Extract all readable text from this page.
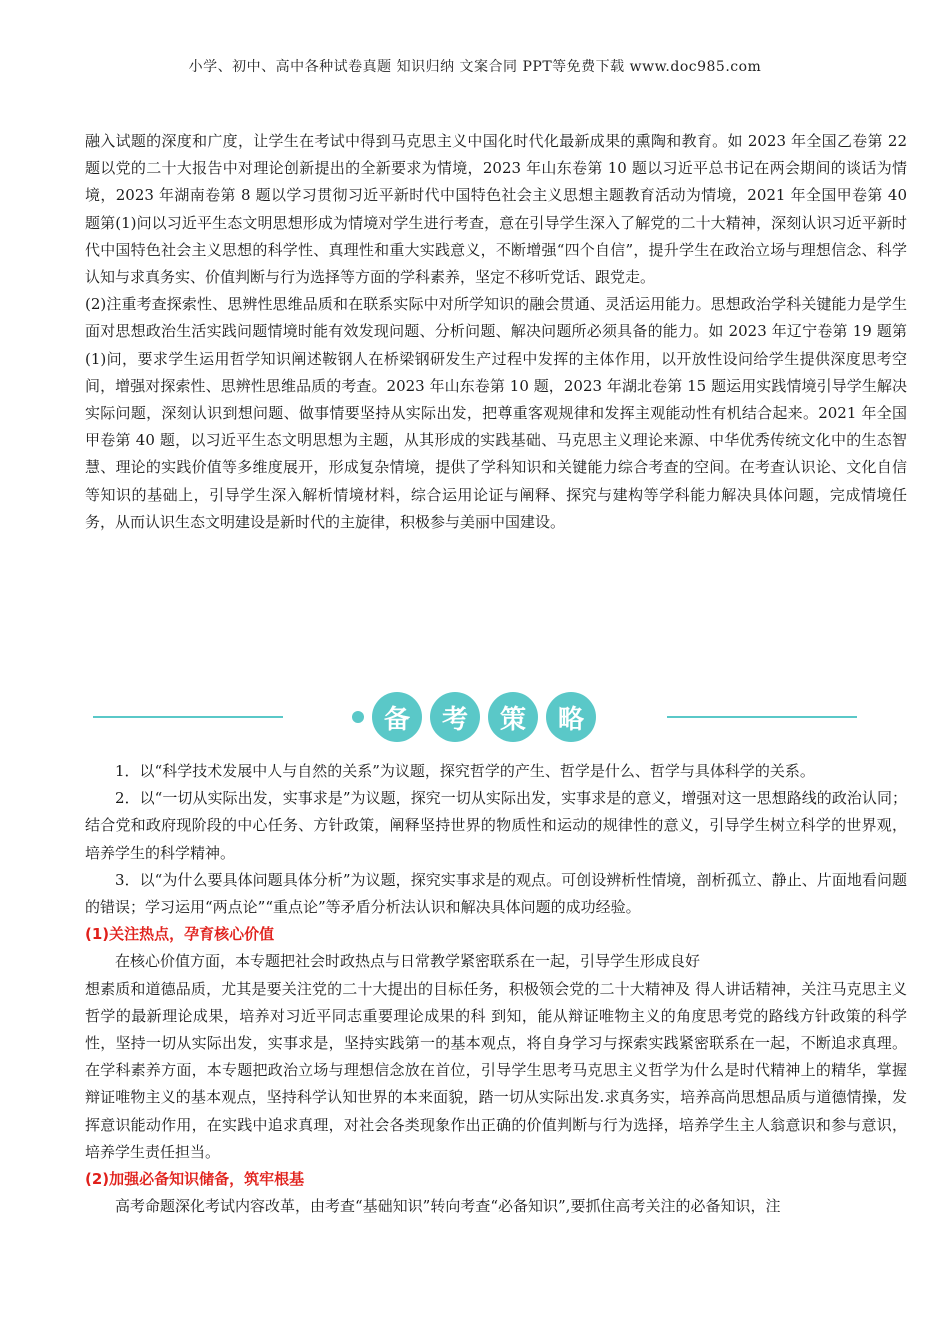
小学、初中、高中各种试卷真题 知识归纳 文案合同 PPT等免费下载 www.doc985.com

融入试题的深度和广度，让学生在考试中得到马克思主义中国化时代化最新成果的熏陶和教育。如 2023 年全国乙卷第 22 题以党的二十大报告中对理论创新提出的全新要求为情境，2023 年山东卷第 10 题以习近平总书记在两会期间的谈话为情境，2023 年湖南卷第 8 题以学习贯彻习近平新时代中国特色社会主义思想主题教育活动为情境，2021 年全国甲卷第 40 题第(1)问以习近平生态文明思想形成为情境对学生进行考查，意在引导学生深入了解党的二十大精神，深刻认识习近平新时代中国特色社会主义思想的科学性、真理性和重大实践意义，不断增强“四个自信”，提升学生在政治立场与理想信念、科学认知与求真务实、价值判断与行为选择等方面的学科素养，坚定不移听党话、跟党走。

(2)注重考查探索性、思辨性思维品质和在联系实际中对所学知识的融会贯通、灵活运用能力。思想政治学科关键能力是学生面对思想政治生活实践问题情境时能有效发现问题、分析问题、解决问题所必须具备的能力。如 2023 年辽宁卷第 19 题第(1)问，要求学生运用哲学知识阐述鞍钢人在桥梁钢研发生产过程中发挥的主体作用，以开放性设问给学生提供深度思考空间，增强对探索性、思辨性思维品质的考查。2023 年山东卷第 10 题，2023 年湖北卷第 15 题运用实践情境引导学生解决实际问题，深刻认识到想问题、做事情要坚持从实际出发，把尊重客观规律和发挥主观能动性有机结合起来。2021 年全国甲卷第 40 题，以习近平生态文明思想为主题，从其形成的实践基础、马克思主义理论来源、中华优秀传统文化中的生态智慧、理论的实践价值等多维度展开，形成复杂情境，提供了学科知识和关键能力综合考查的空间。在考查认识论、文化自信等知识的基础上，引导学生深入解析情境材料，综合运用论证与阐释、探究与建构等学科能力解决具体问题，完成情境任务，从而认识生态文明建设是新时代的主旋律，积极参与美丽中国建设。

备	考	策	略

1．以“科学技术发展中人与自然的关系”为议题，探究哲学的产生、哲学是什么、哲学与具体科学的关系。

2．以“一切从实际出发，实事求是”为议题，探究一切从实际出发，实事求是的意义，增强对这一思想路线的政治认同；结合党和政府现阶段的中心任务、方针政策，阐释坚持世界的物质性和运动的规律性的意义，引导学生树立科学的世界观，培养学生的科学精神。

3．以“为什么要具体问题具体分析”为议题，探究实事求是的观点。可创设辨析性情境，剖析孤立、静止、片面地看问题的错误；学习运用“两点论”“重点论”等矛盾分析法认识和解决具体问题的成功经验。

(1)关注热点，孕育核心价值

在核心价值方面，本专题把社会时政热点与日常教学紧密联系在一起，引导学生形成良好

想素质和道德品质，尤其是要关注党的二十大提出的目标任务，积极领会党的二十大精神及 得人讲话精神，关注马克思主义哲学的最新理论成果，培养对习近平同志重要理论成果的科 到知，能从辩证唯物主义的角度思考党的路线方针政策的科学性，坚持一切从实际出发，实事求是，坚持实践第一的基本观点，将自身学习与探索实践紧密联系在一起，不断追求真理。在学科素养方面，本专题把政治立场与理想信念放在首位，引导学生思考马克思主义哲学为什么是时代精神上的精华，掌握辩证唯物主义的基本观点，坚持科学认知世界的本来面貌，踏一切从实际出发.求真务实，培养高尚思想品质与道德情操，发挥意识能动作用，在实践中追求真理，对社会各类现象作出正确的价值判断与行为选择，培养学生主人翁意识和参与意识，培养学生责任担当。

(2)加强必备知识储备，筑牢根基

高考命题深化考试内容改革，由考查“基础知识”转向考查“必备知识”,要抓住高考关注的必备知识，注
